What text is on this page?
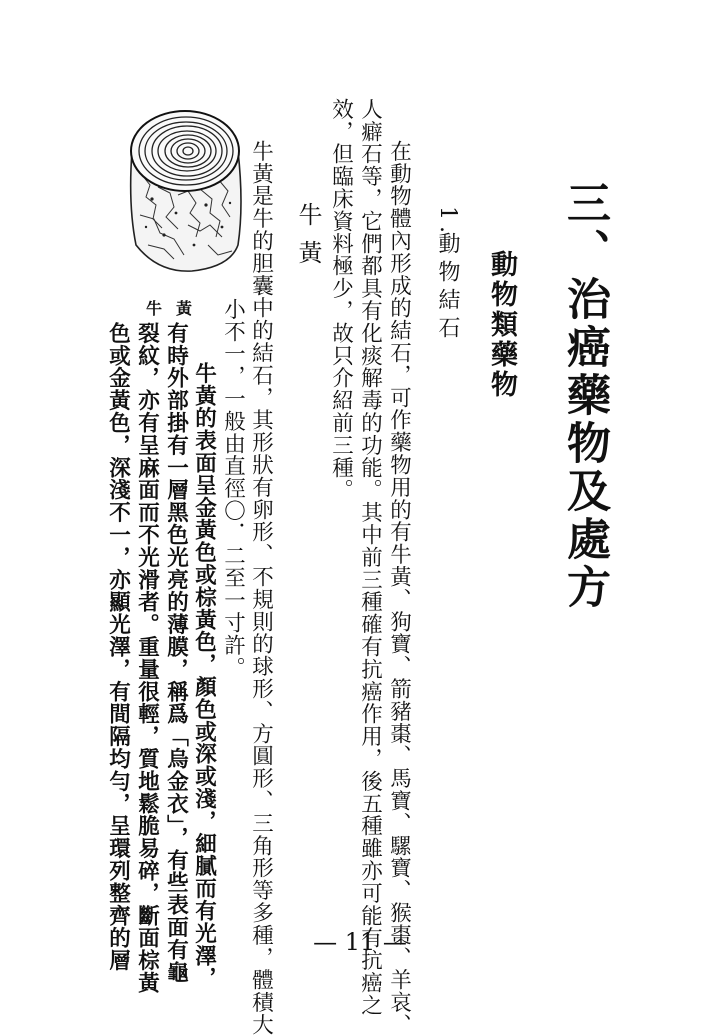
三、治癌藥物及處方
動物類藥物
1.
動物結石
在動物體內形成的結石，可作藥物用的有牛黃、狗寶、箭豬棗、馬寶、騾寶、猴棗、羊哀、
人癖石等，它們都具有化痰解毒的功能。其中前三種確有抗癌作用，後五種雖亦可能有抗癌之
效，但臨床資料極少，故只介紹前三種。
牛黃
牛黃是牛的胆囊中的結石，其形狀有卵形、不規則的球形、方圓形、三角形等多種，體積大
小不一，一般由直徑〇．二至一寸許。
牛黃的表面呈金黃色或棕黃色，顏色或深或淺，細膩而有光澤，
有時外部掛有一層黑色光亮的薄膜，稱爲「烏金衣」，有些表面有龜
裂紋，亦有呈麻面而不光滑者。重量很輕，質地鬆脆易碎，斷面棕黃
色或金黃色，深淺不一，亦顯光澤，有間隔均勻，呈環列整齊的層
牛黃
— 11 —
